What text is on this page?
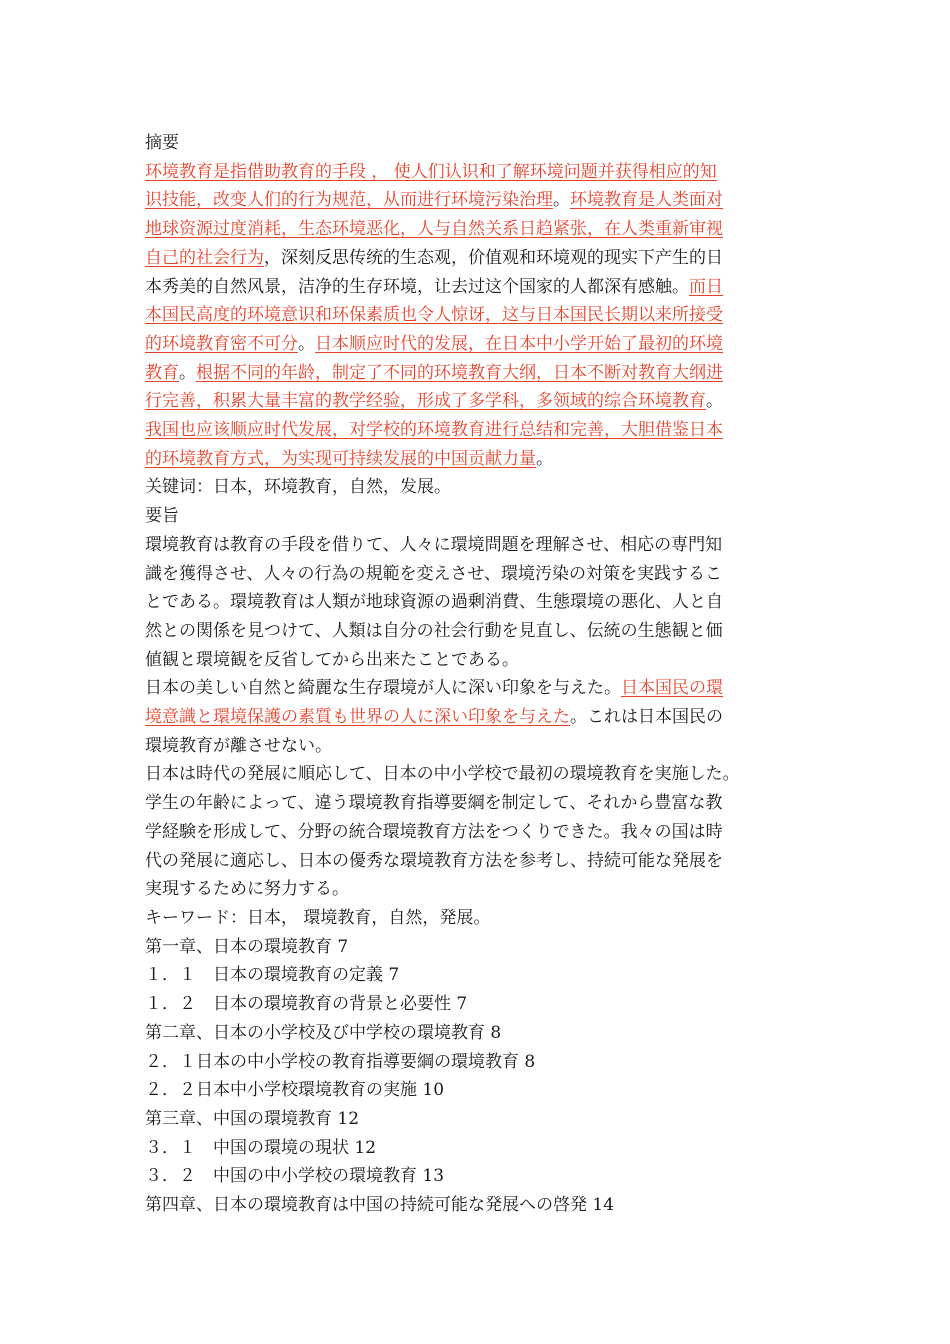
摘要
环境教育是指借助教育的手段 ， 使人们认识和了解环境问题并获得相应的知
识技能，改变人们的行为规范，从而进行环境污染治理。环境教育是人类面对
地球资源过度消耗，生态环境恶化，人与自然关系日趋紧张，在人类重新审视
自己的社会行为，深刻反思传统的生态观，价值观和环境观的现实下产生的日
本秀美的自然风景，洁净的生存环境，让去过这个国家的人都深有感触。而日
本国民高度的环境意识和环保素质也令人惊讶，这与日本国民长期以来所接受
的环境教育密不可分。日本顺应时代的发展，在日本中小学开始了最初的环境
教育。根据不同的年龄，制定了不同的环境教育大纲，日本不断对教育大纲进
行完善，积累大量丰富的教学经验，形成了多学科，多领域的综合环境教育。
我国也应该顺应时代发展，对学校的环境教育进行总结和完善，大胆借鉴日本
的环境教育方式，为实现可持续发展的中国贡献力量。
关键词：日本，环境教育，自然，发展。
要旨
環境教育は教育の手段を借りて、人々に環境問題を理解させ、相応の専門知
識を獲得させ、人々の行為の規範を変えさせ、環境汚染の対策を実践するこ
とである。環境教育は人類が地球資源の過剰消費、生態環境の悪化、人と自
然との関係を見つけて、人類は自分の社会行動を見直し、伝統の生態観と価
値観と環境観を反省してから出来たことである。
日本の美しい自然と綺麗な生存環境が人に深い印象を与えた。日本国民の環
境意識と環境保護の素質も世界の人に深い印象を与えた。これは日本国民の
環境教育が離させない。
日本は時代の発展に順応して、日本の中小学校で最初の環境教育を実施した。
学生の年齢によって、違う環境教育指導要綱を制定して、それから豊富な教
学経験を形成して、分野の統合環境教育方法をつくりできた。我々の国は時
代の発展に適応し、日本の優秀な環境教育方法を参考し、持続可能な発展を
実現するために努力する。
キーワード：日本， 環境教育，自然，発展。
第一章、日本の環境教育 7
１．１　日本の環境教育の定義 7
１．２　日本の環境教育の背景と必要性 7
第二章、日本の小学校及び中学校の環境教育 8
２．１日本の中小学校の教育指導要綱の環境教育 8
２．２日本中小学校環境教育の実施 10
第三章、中国の環境教育 12
３．１　中国の環境の現状 12
３．２　中国の中小学校の環境教育 13
第四章、日本の環境教育は中国の持続可能な発展への啓発 14
